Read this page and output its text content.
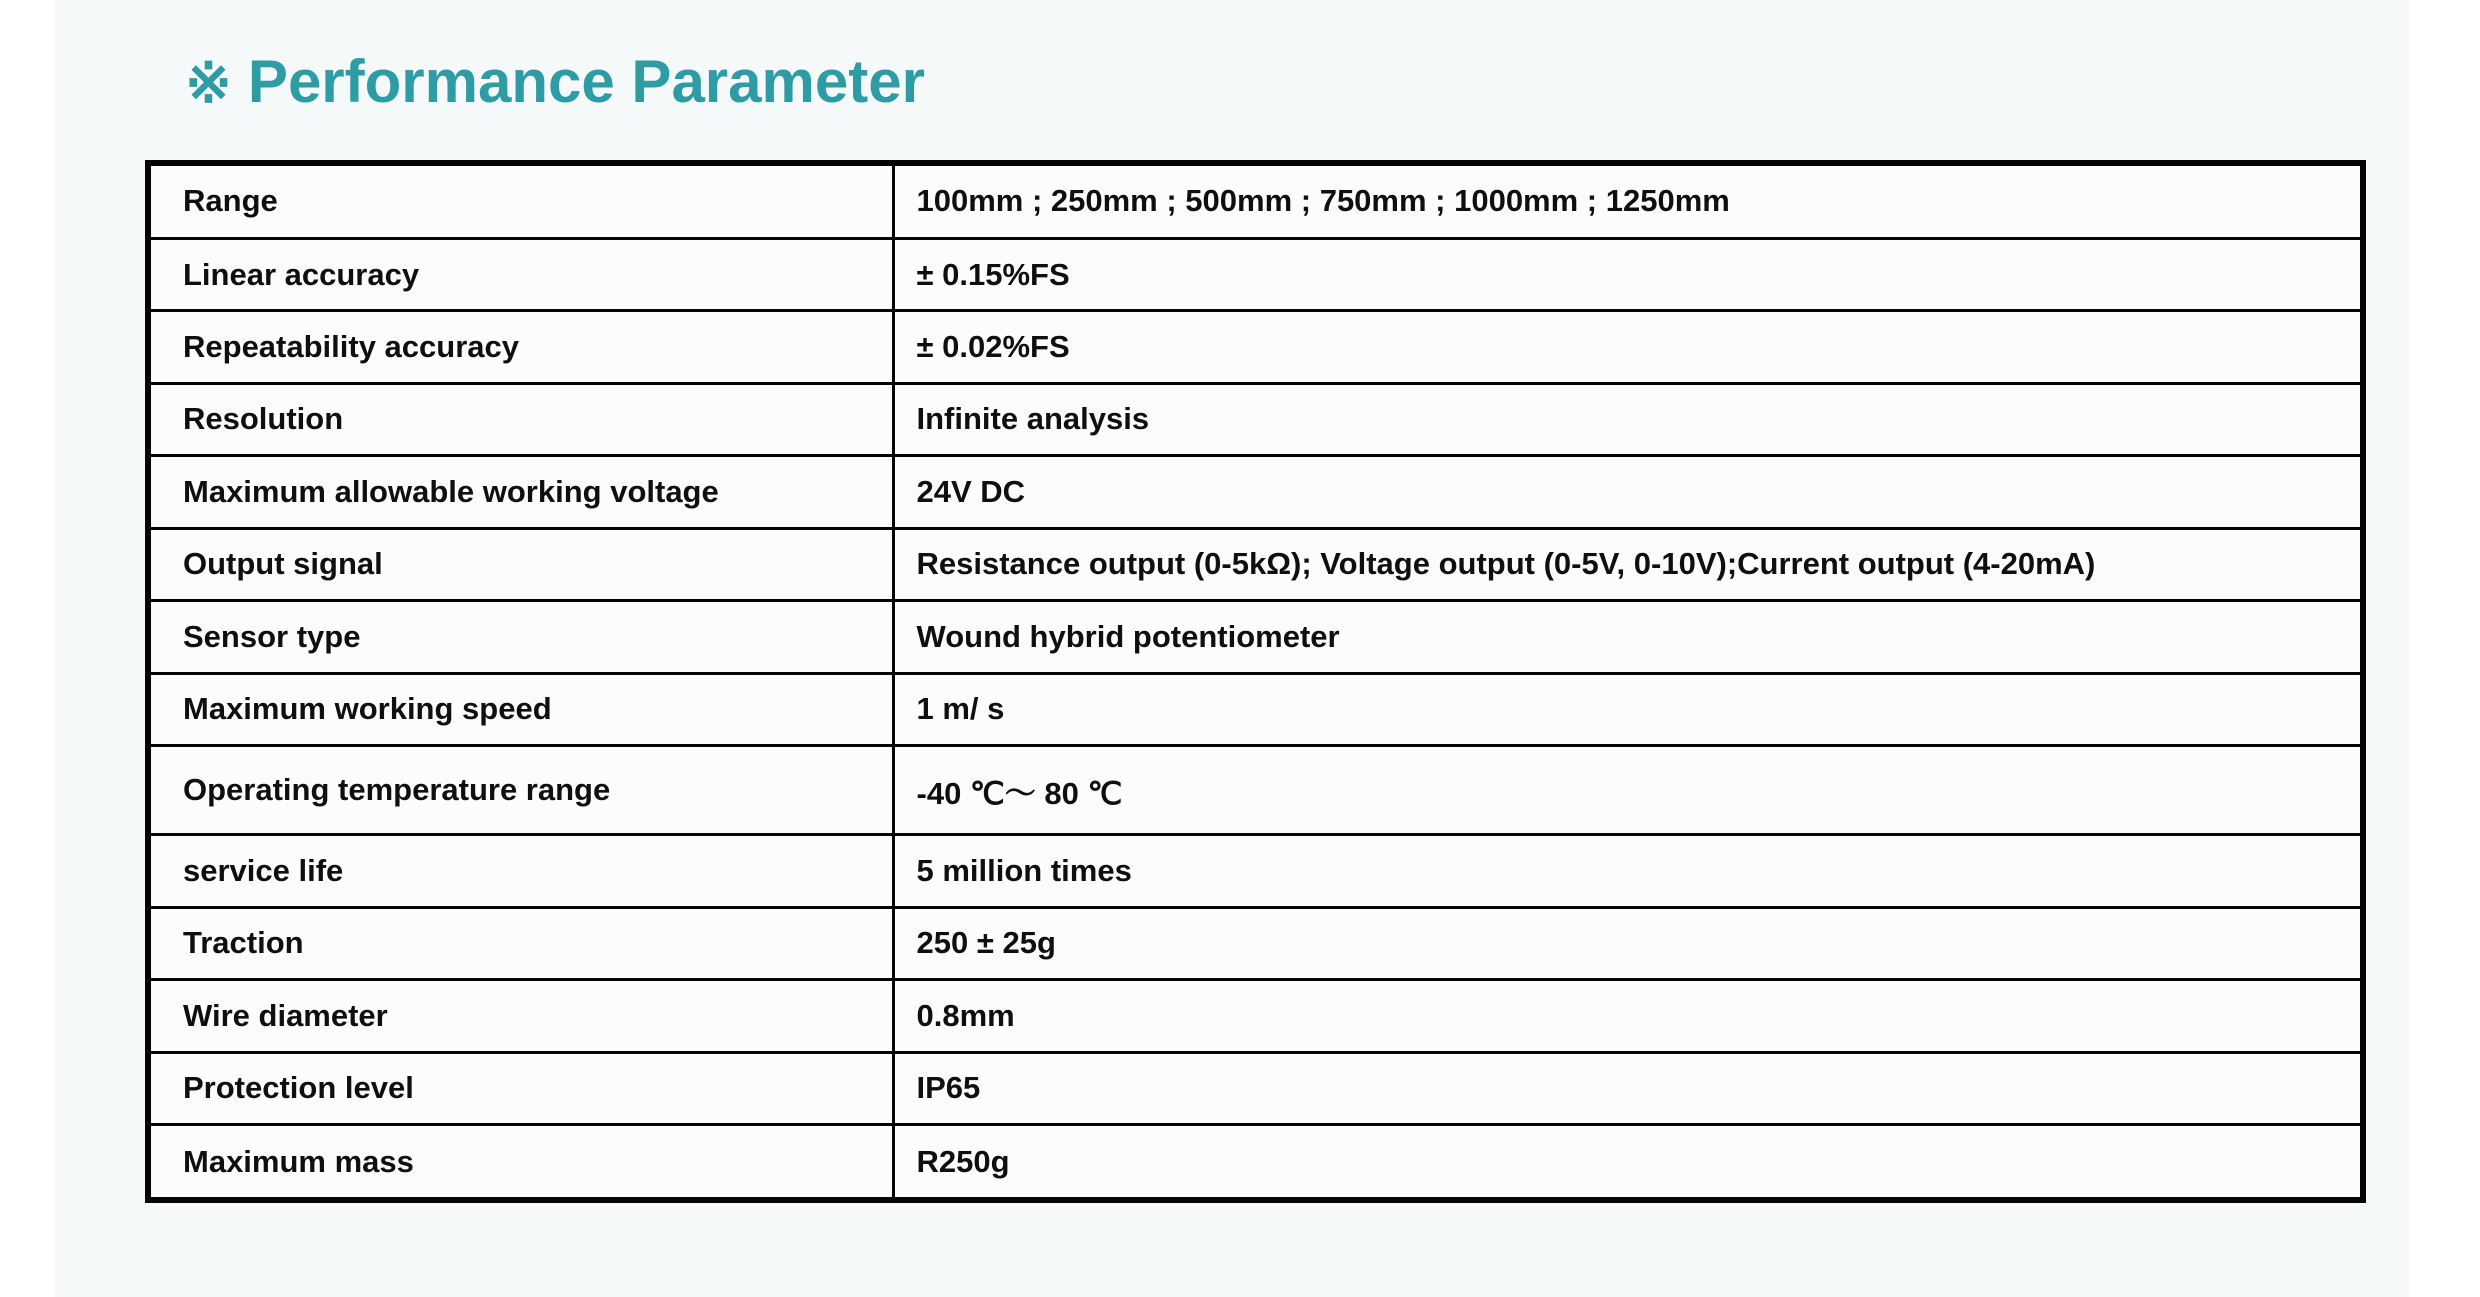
※ Performance Parameter
Range	100mm ; 250mm ; 500mm ; 750mm ; 1000mm ; 1250mm
Linear accuracy	± 0.15%FS
Repeatability accuracy	± 0.02%FS
Resolution	Infinite analysis
Maximum allowable working voltage	24V DC
Output signal	Resistance output (0-5kΩ); Voltage output (0-5V, 0-10V);Current output (4-20mA)
Sensor type	Wound hybrid potentiometer
Maximum working speed	1 m/ s
Operating temperature range	-40 ℃～ 80 ℃
service life	5 million times
Traction	250 ± 25g
Wire diameter	0.8mm
Protection level	IP65
Maximum mass	R250g
